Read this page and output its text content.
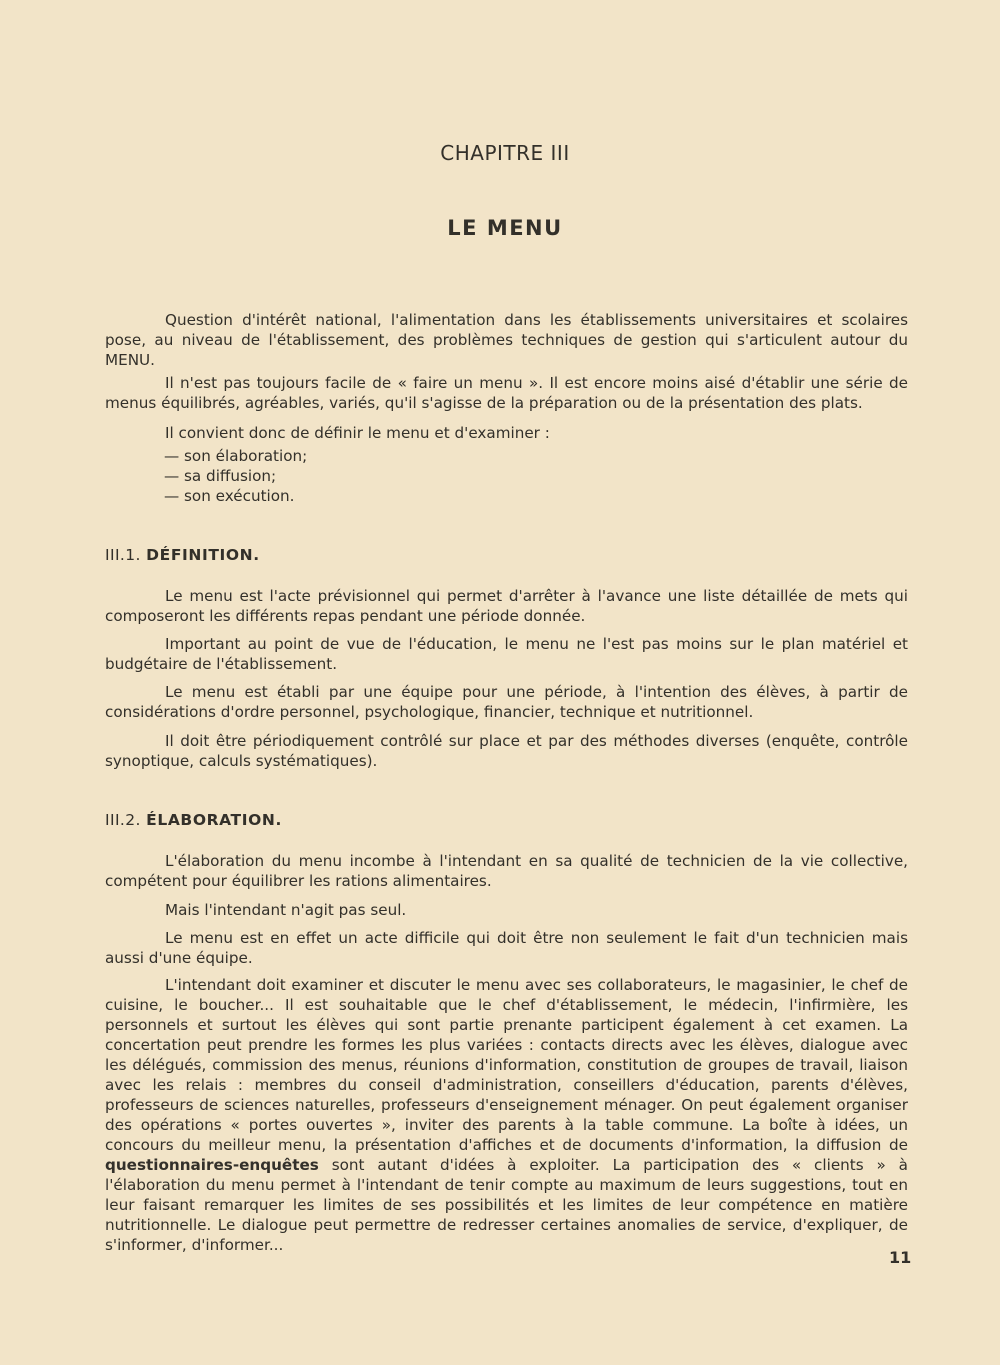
CHAPITRE III
LE MENU

Question d'intérêt national, l'alimentation dans les établissements universitaires et scolaires pose, au niveau de l'établissement, des problèmes techniques de gestion qui s'articulent autour du MENU.

Il n'est pas toujours facile de « faire un menu ». Il est encore moins aisé d'établir une série de menus équilibrés, agréables, variés, qu'il s'agisse de la préparation ou de la présentation des plats.

Il convient donc de définir le menu et d'examiner :

— son élaboration;
— sa diffusion;
— son exécution.
III.1. DÉFINITION.

Le menu est l'acte prévisionnel qui permet d'arrêter à l'avance une liste détaillée de mets qui composeront les différents repas pendant une période donnée.

Important au point de vue de l'éducation, le menu ne l'est pas moins sur le plan matériel et budgétaire de l'établissement.

Le menu est établi par une équipe pour une période, à l'intention des élèves, à partir de considérations d'ordre personnel, psychologique, financier, technique et nutritionnel.

Il doit être périodiquement contrôlé sur place et par des méthodes diverses (enquête, contrôle synoptique, calculs systématiques).

III.2. ÉLABORATION.

L'élaboration du menu incombe à l'intendant en sa qualité de technicien de la vie collective, compétent pour équilibrer les rations alimentaires.

Mais l'intendant n'agit pas seul.

Le menu est en effet un acte difficile qui doit être non seulement le fait d'un technicien mais aussi d'une équipe.

L'intendant doit examiner et discuter le menu avec ses collaborateurs, le magasinier, le chef de cuisine, le boucher... Il est souhaitable que le chef d'établissement, le médecin, l'infirmière, les personnels et surtout les élèves qui sont partie prenante participent également à cet examen. La concertation peut prendre les formes les plus variées : contacts directs avec les élèves, dialogue avec les délégués, commission des menus, réunions d'information, constitution de groupes de travail, liaison avec les relais : membres du conseil d'administration, conseillers d'éducation, parents d'élèves, professeurs de sciences naturelles, professeurs d'enseignement ménager. On peut également organiser des opérations « portes ouvertes », inviter des parents à la table commune. La boîte à idées, un concours du meilleur menu, la présentation d'affiches et de documents d'information, la diffusion de questionnaires-enquêtes sont autant d'idées à exploiter. La participation des « clients » à l'élaboration du menu permet à l'intendant de tenir compte au maximum de leurs suggestions, tout en leur faisant remarquer les limites de ses possibilités et les limites de leur compétence en matière nutritionnelle. Le dialogue peut permettre de redresser certaines anomalies de service, d'expliquer, de s'informer, d'informer...

11
